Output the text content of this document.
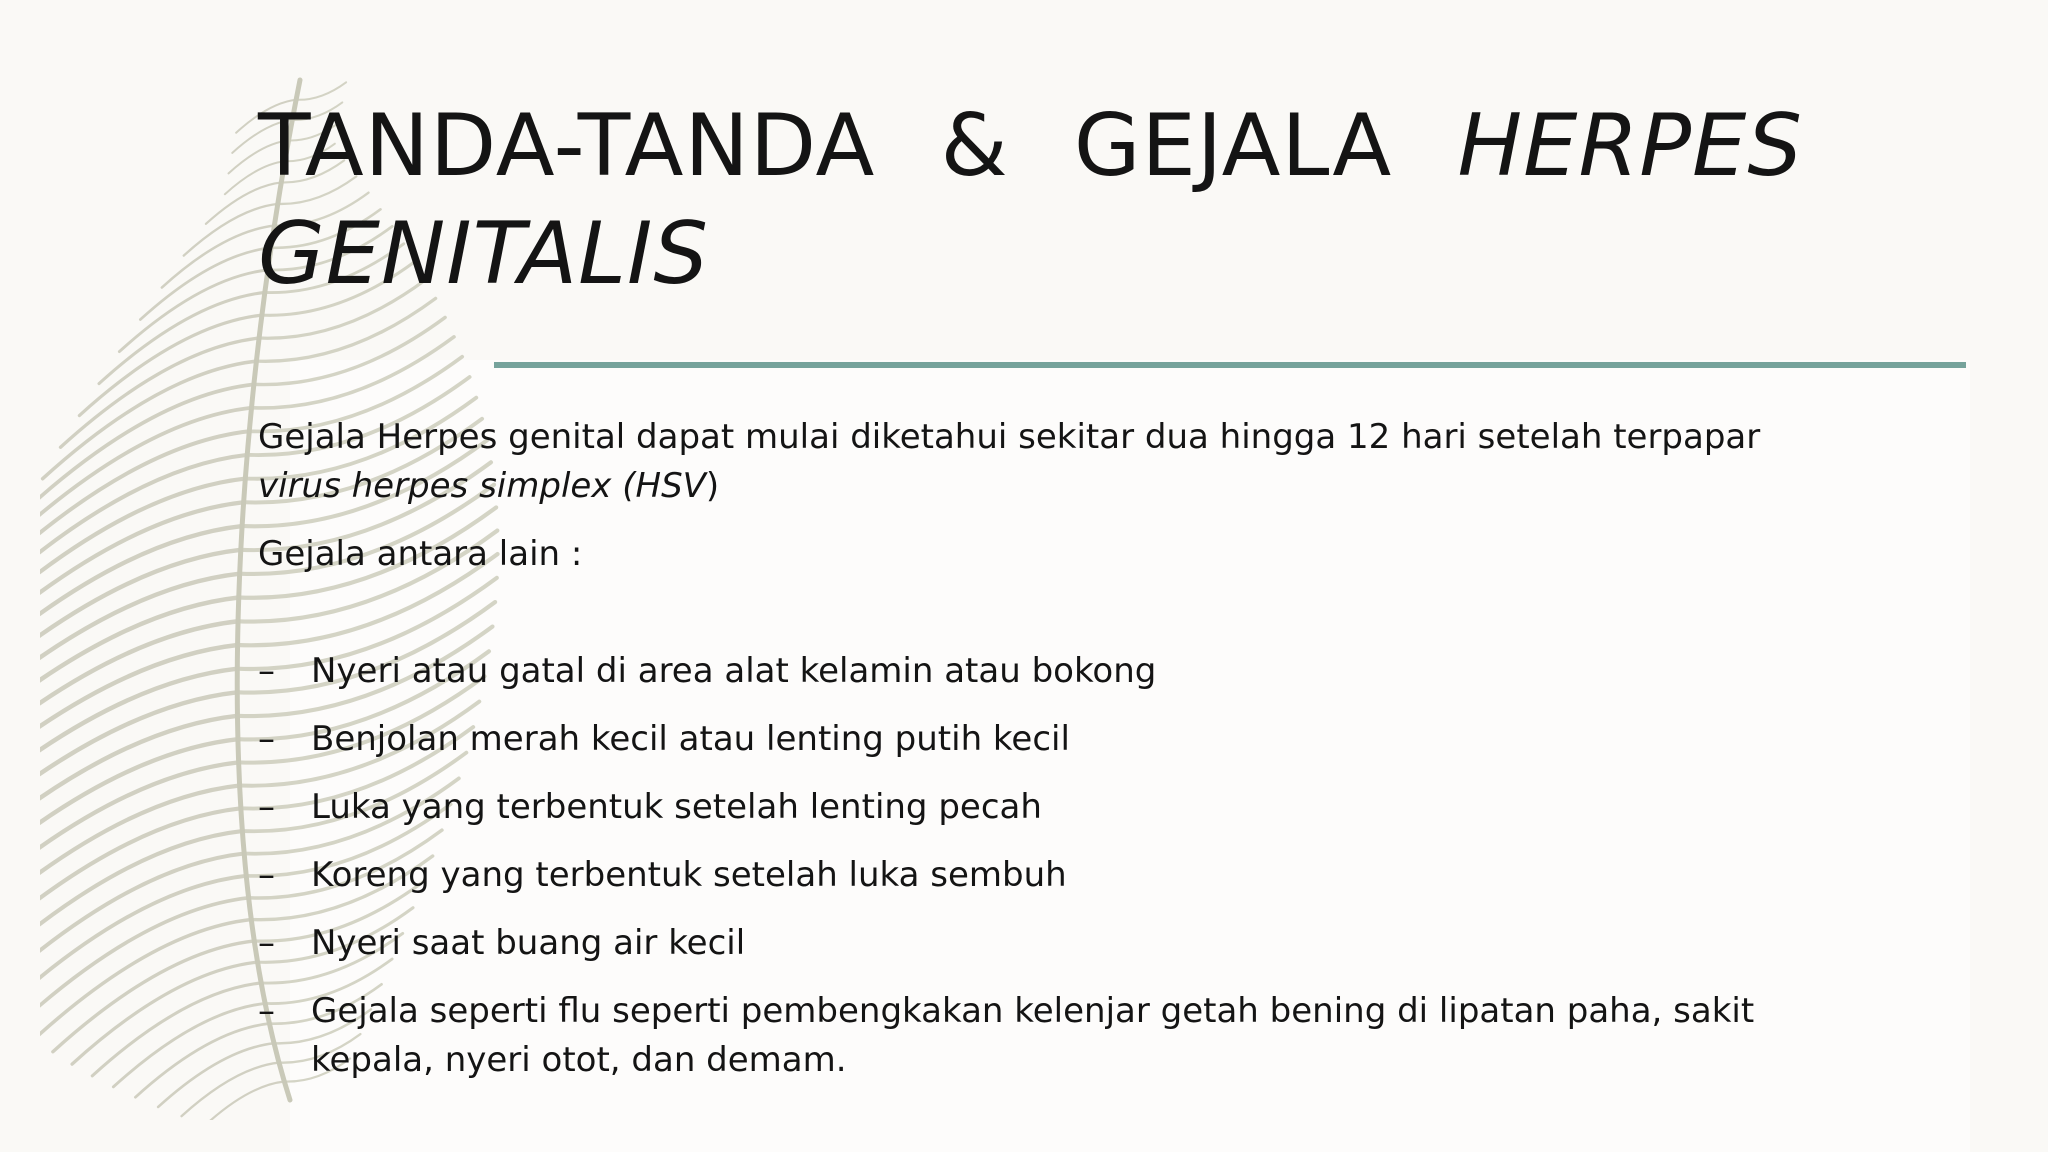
TANDA-TANDA & GEJALA HERPES
GENITALIS

Gejala Herpes genital dapat mulai diketahui sekitar dua hingga 12 hari setelah terpapar virus herpes simplex (HSV)

Gejala antara lain :

– Nyeri atau gatal di area alat kelamin atau bokong
– Benjolan merah kecil atau lenting putih kecil
– Luka yang terbentuk setelah lenting pecah
– Koreng yang terbentuk setelah luka sembuh
– Nyeri saat buang air kecil
– Gejala seperti flu seperti pembengkakan kelenjar getah bening di lipatan paha, sakit kepala, nyeri otot, dan demam.
